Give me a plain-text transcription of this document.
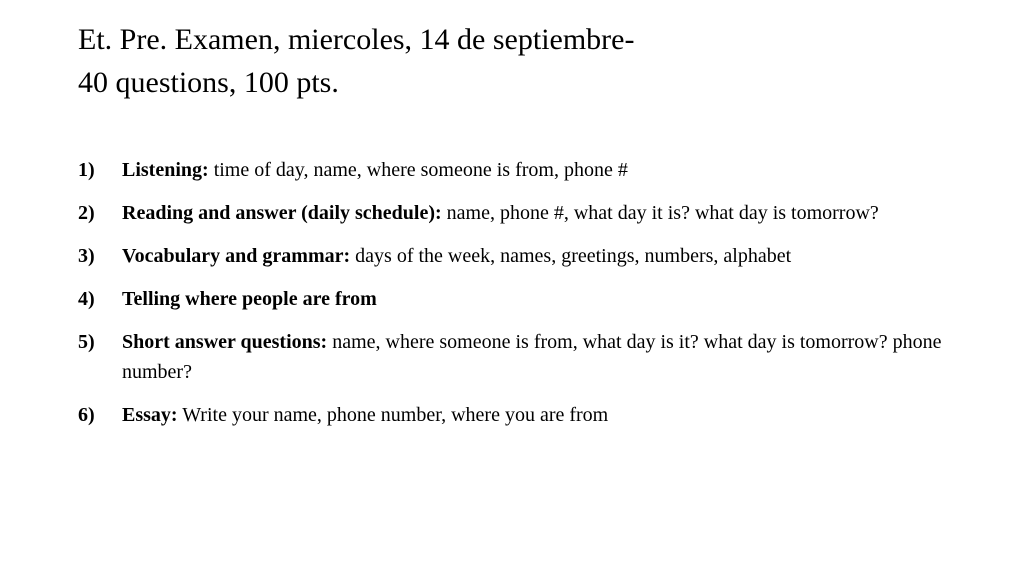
Et. Pre. Examen, miercoles, 14 de septiembre-
40 questions, 100 pts.
1) Listening: time of day, name, where someone is from, phone #
2) Reading and answer (daily schedule): name, phone #, what day it is? what day is tomorrow?
3) Vocabulary and grammar: days of the week, names, greetings, numbers, alphabet
4) Telling where people are from
5) Short answer questions: name, where someone is from, what day is it? what day is tomorrow? phone number?
6) Essay: Write your name, phone number, where you are from
